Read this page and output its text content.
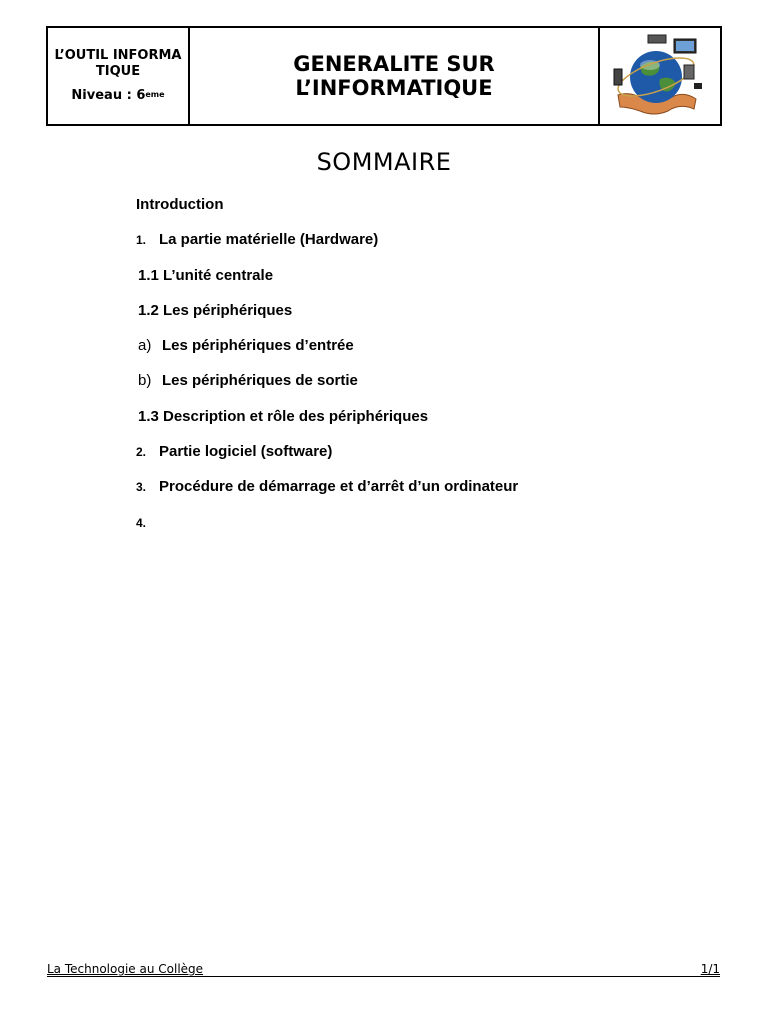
L’OUTIL INFORMATIQUE
Niveau : 6eme
GENERALITE SUR
L’INFORMATIQUE
SOMMAIRE
Introduction
1. La partie matérielle (Hardware)
1.1 L’unité centrale
1.2 Les périphériques
a) Les périphériques d’entrée
b) Les périphériques de sortie
1.3 Description et rôle des périphériques
2. Partie logiciel (software)
3. Procédure de démarrage et d’arrêt d’un ordinateur
4.
La Technologie au Collège	1/1
